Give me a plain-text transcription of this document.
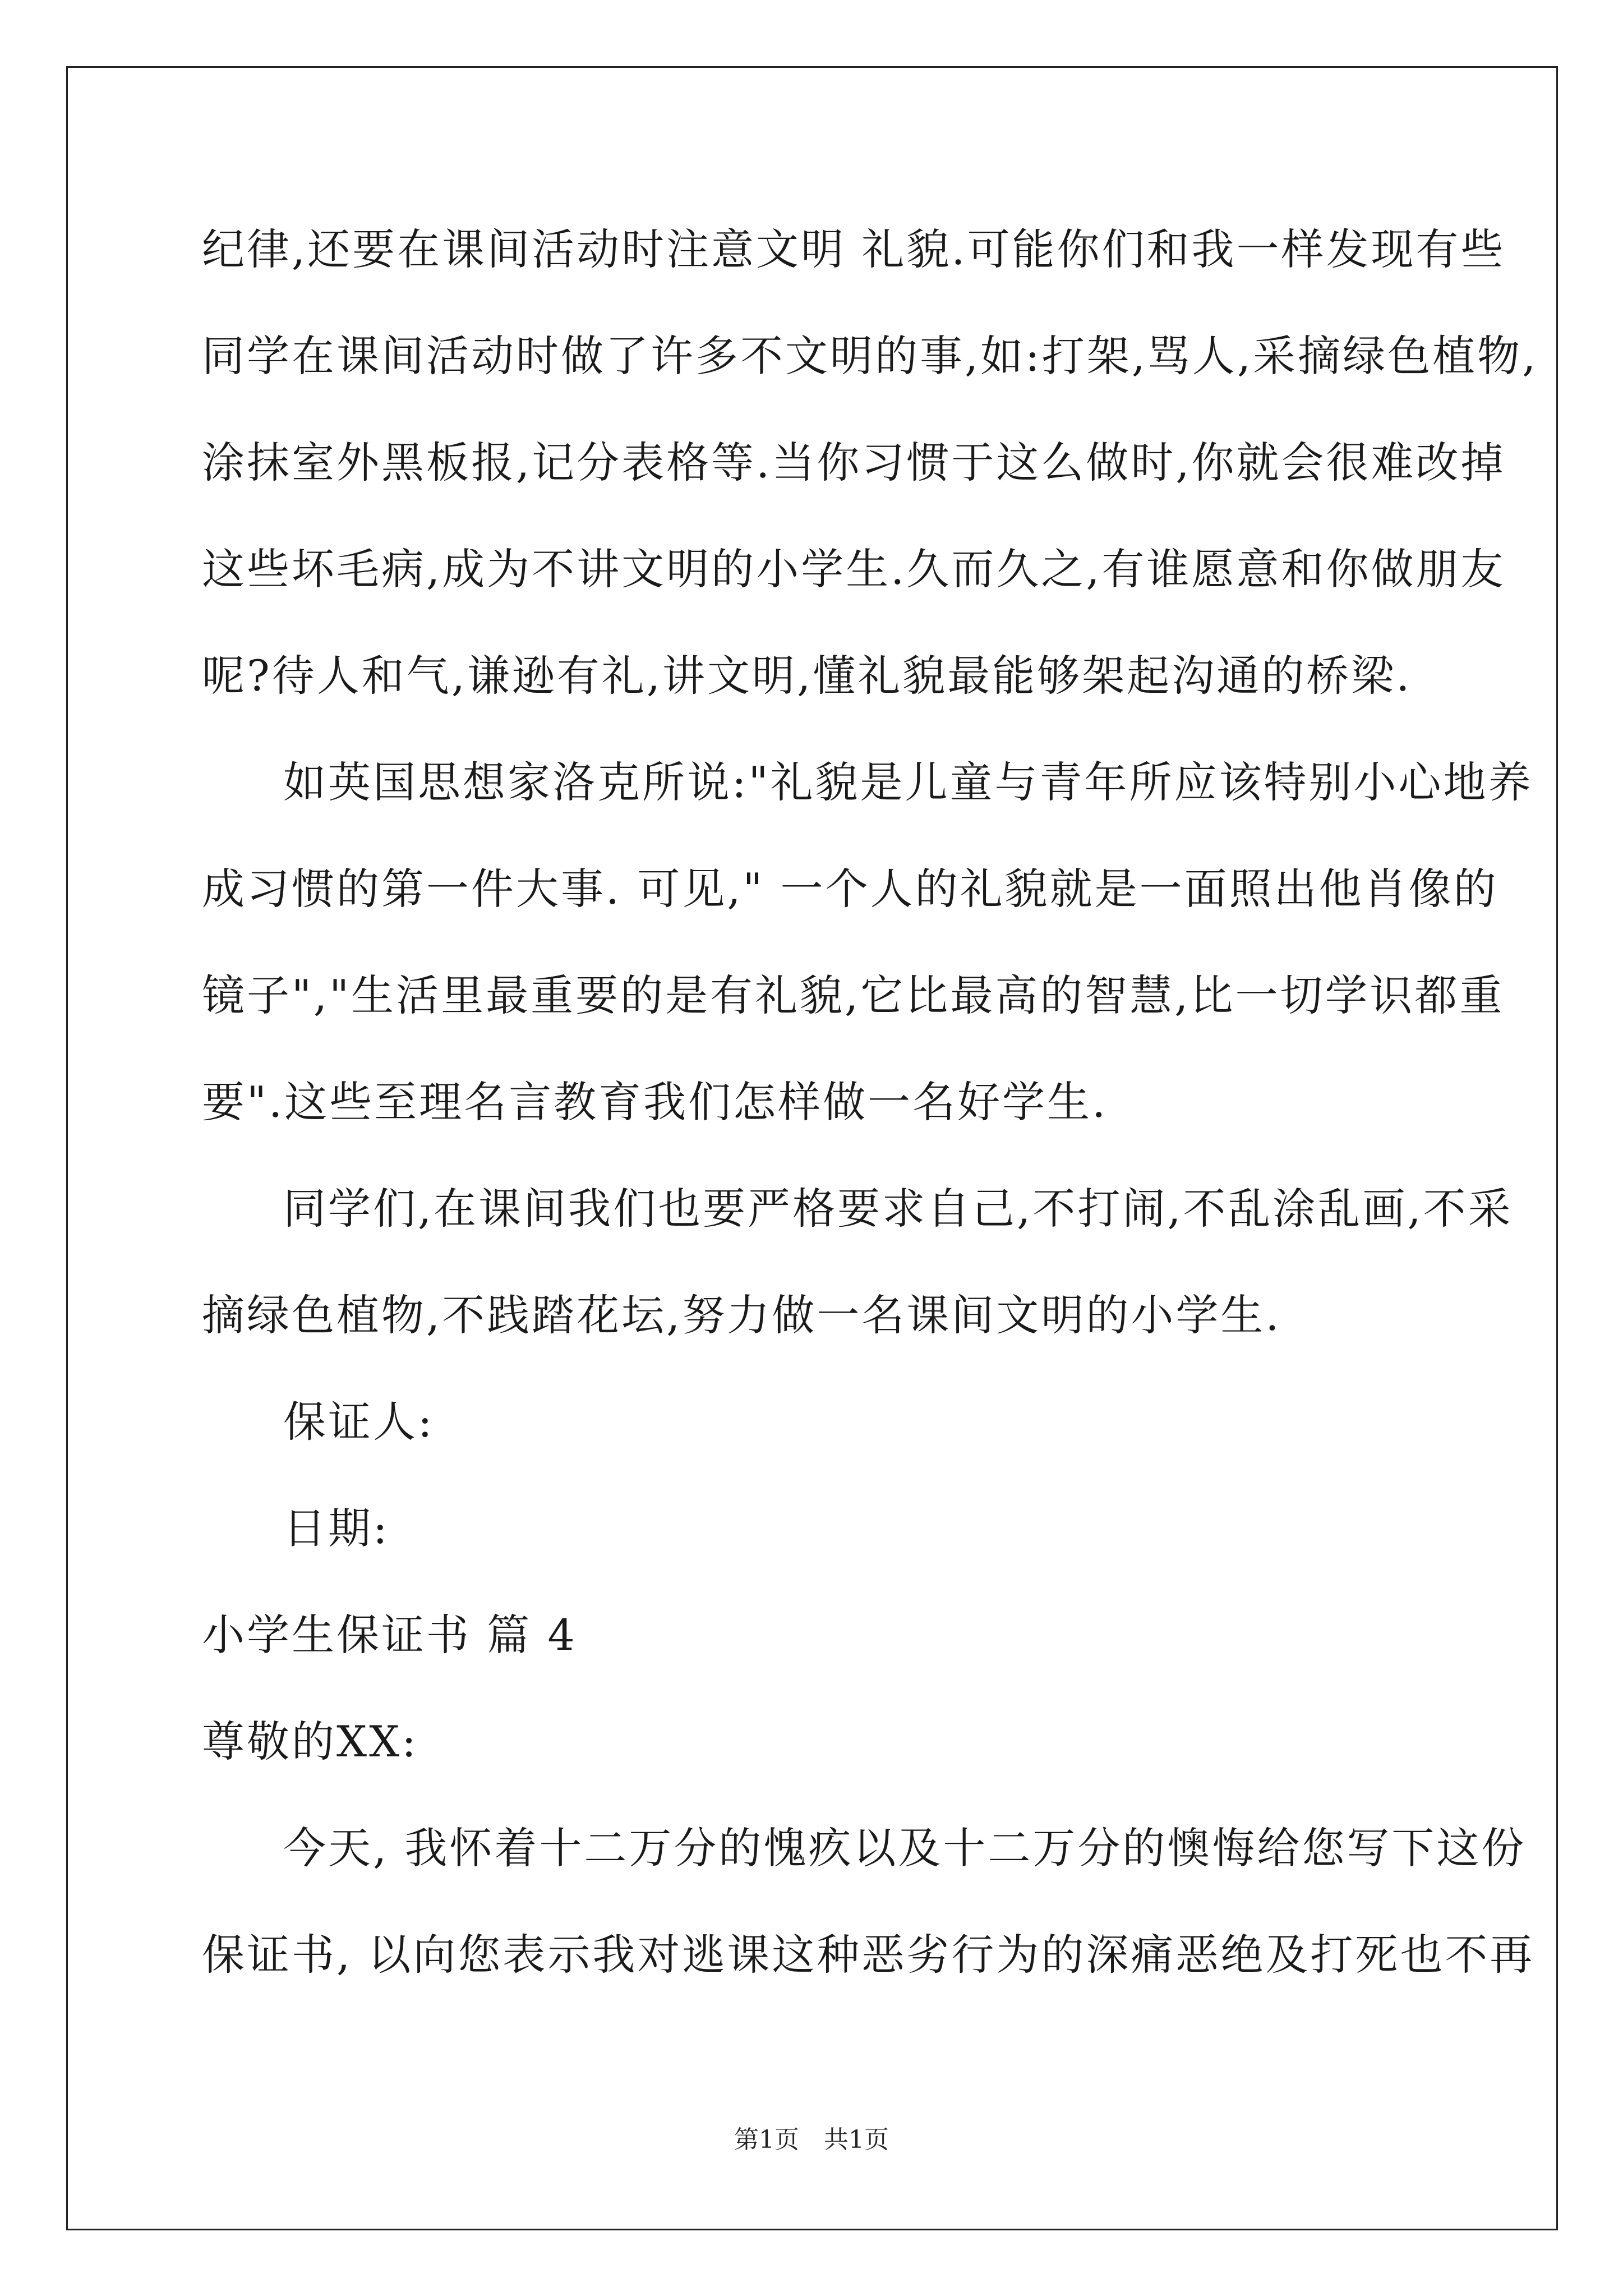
纪律,还要在课间活动时注意文明 礼貌.可能你们和我一样发现有些
同学在课间活动时做了许多不文明的事,如:打架,骂人,采摘绿色植物,
涂抹室外黑板报,记分表格等.当你习惯于这么做时,你就会很难改掉
这些坏毛病,成为不讲文明的小学生.久而久之,有谁愿意和你做朋友
呢?待人和气,谦逊有礼,讲文明,懂礼貌最能够架起沟通的桥梁.
如英国思想家洛克所说:"礼貌是儿童与青年所应该特别小心地养
成习惯的第一件大事. 可见," 一个人的礼貌就是一面照出他肖像的
镜子","生活里最重要的是有礼貌,它比最高的智慧,比一切学识都重
要".这些至理名言教育我们怎样做一名好学生.
同学们,在课间我们也要严格要求自己,不打闹,不乱涂乱画,不采
摘绿色植物,不践踏花坛,努力做一名课间文明的小学生.
保证人:
日期:
小学生保证书 篇 4
尊敬的XX:
今天, 我怀着十二万分的愧疚以及十二万分的懊悔给您写下这份
保证书, 以向您表示我对逃课这种恶劣行为的深痛恶绝及打死也不再
第1页　共1页
